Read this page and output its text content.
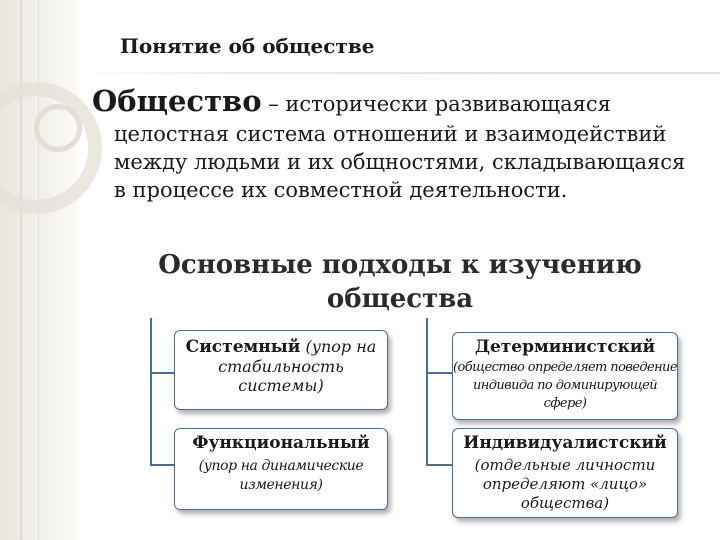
Понятие об обществе
Общество – исторически развивающаяся
целостная система отношений и взаимодействий между людьми и их общностями, складывающаяся в процессе их совместной деятельности.
Основные подходы к изучению общества
Системный (упор на стабильность системы)
Детерминистский
(общество определяет поведение индивида по доминирующей сфере)
Функциональный
(упор на динамические изменения)
Индивидуалистский
(отдельные личности определяют «лицо» общества)
